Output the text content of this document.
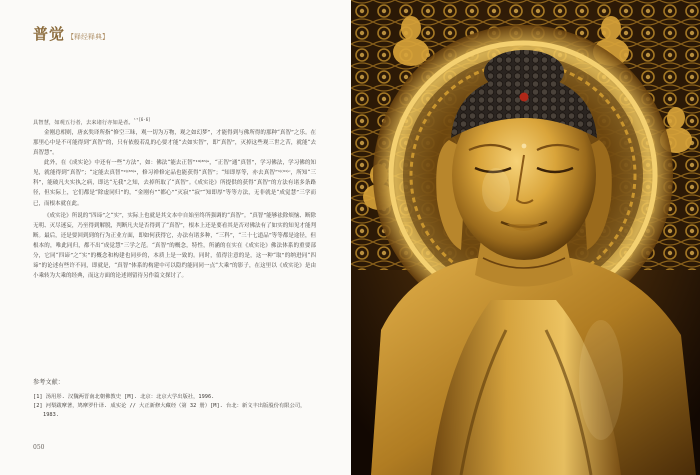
普觉 【释经释典】

具智慧，如观五行者，去来诸行亦如是者。$^{^{19}[6-6]}$

金刚总相则，唐玄奘译所指“修空三昧，观一切为万物，观之如幻梦”，才能得到与佛所得的那种“真智”之乐。在那里心中是不可能得到“真智”的，只有依般若乱的心要才能“去如实智”，即“真智”，灭掉这些观三世之苦，就能“去真智慧”。

此外，在《成实论》中还有一些“方法”，如：佛法“能去正智”¹⁹⁽³⁶⁾ᵃ，“正智”通“真智”，学习佛法，学习佛的知见，就能得到“真智”；“定能去真智”²⁾⁽³⁶⁾ᵃ，修习禅修定品也能获得“真智”；“知即厚等，亦去真智”¹⁾⁽³¹⁾ᶜ，所知“三科”，能破凡夫实执之病，即达“无我”之知，去掉所取了“真智”。《成实论》所提供的获得“真智”的方法有诸多条路径，但实际上，它们都是“除虚同归”的，“金刚有”“都心”“灭寂”“寂”“知即厚”等等方法，无非就是“成觉慧”三学而已，而根本就在此。

《成实论》所说的“四谛”之“实”，实际上也就是其文本中自始至终所强调的“真智”。“真智”能够祛除烦恼、断除无明、灭尽迷妄，乃至得到解脱，判断凡夫是否得到了“真智”，根本上还是要看其是否对佛法有了如实的知见才能判断。最后，还是要回到到的行为正业方面，即如何获得它，办法有诸多种，“三科”，“三十七道品”等等都是途径，但根本的，唯此同归，都不出“成觉慧”三学之范。“真智”的概念，特性，所涵的在实在《成实论》佛法体系的重要部分，它同“四谛”之“实”的概念和构建也同步的，本质上是一致的。同时，值得注意的是，这一种“取”的纳进同“四谛”的论述有些许不同，即就是，“真智”体系的构建中可以隐约能同同一点“大乘”的影子，在这里以《成实论》是由小乘转为大乘的经典，而这方面的论述则留待另作篇文探讨了。

参考文献：
[1] 汤用彤. 汉魏两晋南北朝佛教史 [M]. 北京：北京大学出版社，1996.
[2] 河梨跋摩著，鸠摩罗什译. 成实论 // 大正新修大藏经（第 32 册）[M]. 台北：新文丰出版股份有限公司，1983.
050
